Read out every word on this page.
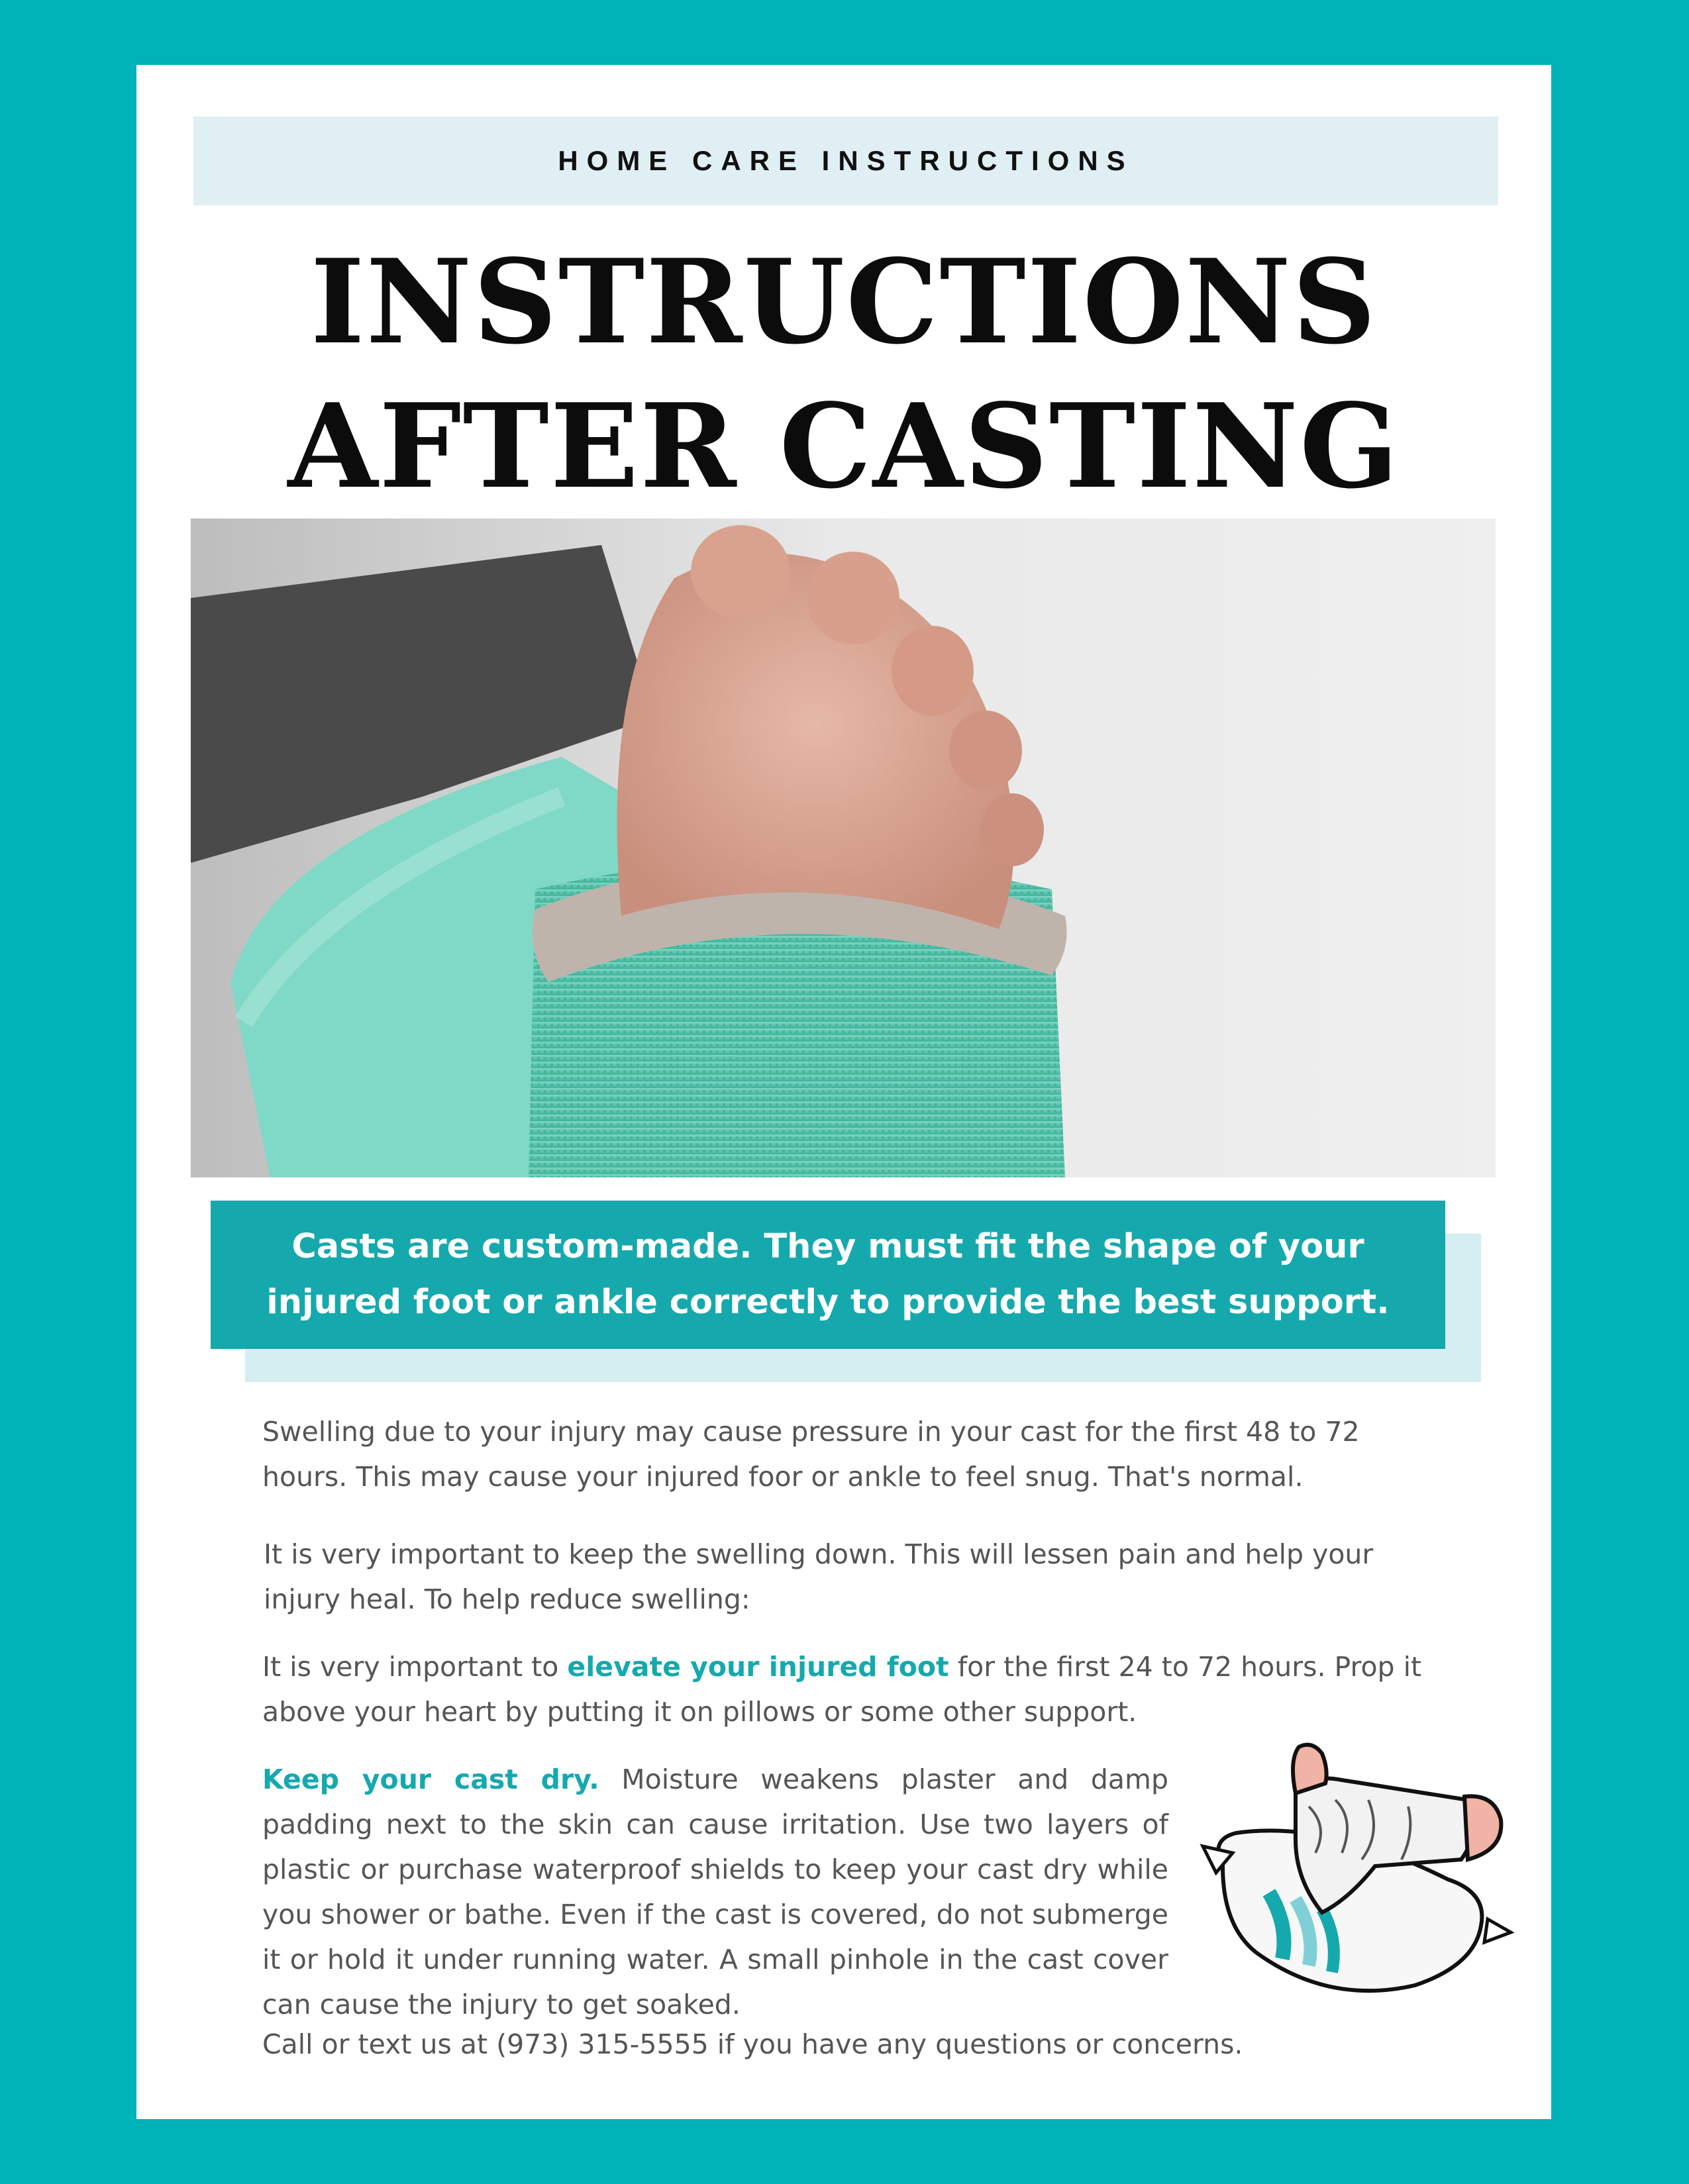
HOME CARE INSTRUCTIONS
INSTRUCTIONS
AFTER CASTING
Casts are custom-made. They must fit the shape of your
injured foot or ankle correctly to provide the best support.
Swelling due to your injury may cause pressure in your cast for the first 48 to 72 hours. This may cause your injured foor or ankle to feel snug. That's normal.
It is very important to keep the swelling down. This will lessen pain and help your injury heal. To help reduce swelling:
It is very important to elevate your injured foot for the first 24 to 72 hours. Prop it above your heart by putting it on pillows or some other support.
Keep your cast dry. Moisture weakens plaster and damp padding next to the skin can cause irritation. Use two layers of plastic or purchase waterproof shields to keep your cast dry while you shower or bathe. Even if the cast is covered, do not submerge it or hold it under running water. A small pinhole in the cast cover can cause the injury to get soaked.
Call or text us at (973) 315-5555 if you have any questions or concerns.
